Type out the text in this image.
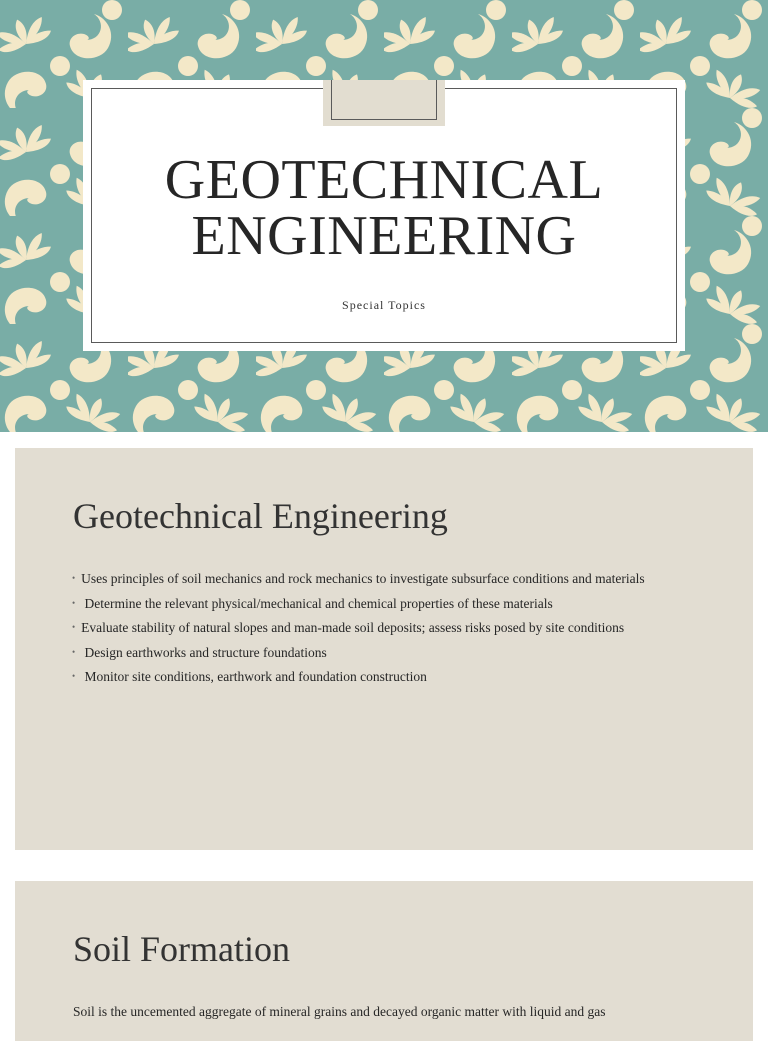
GEOTECHNICAL
ENGINEERING
Special Topics
Geotechnical Engineering
• Uses principles of soil mechanics and rock mechanics to investigate subsurface conditions and materials
• Determine the relevant physical/mechanical and chemical properties of these materials
• Evaluate stability of natural slopes and man-made soil deposits; assess risks posed by site conditions
• Design earthworks and structure foundations
• Monitor site conditions, earthwork and foundation construction
Soil Formation

Soil is the uncemented aggregate of mineral grains and decayed organic matter with liquid and gas
